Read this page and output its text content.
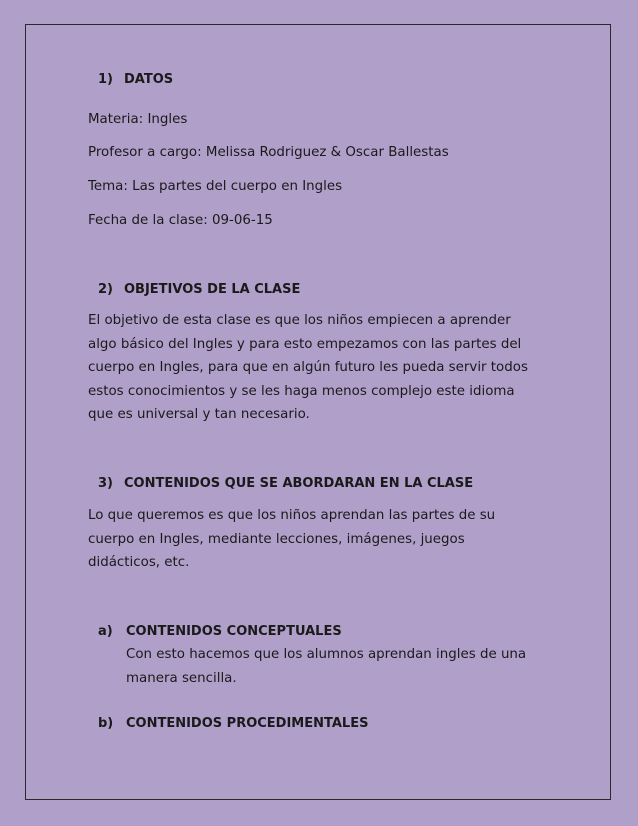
1) DATOS
Materia: Ingles
Profesor a cargo: Melissa Rodriguez & Oscar Ballestas
Tema: Las partes del cuerpo en Ingles
Fecha de la clase: 09-06-15
2) OBJETIVOS DE LA CLASE
El objetivo de esta clase es que los niños empiecen a aprender
algo básico del Ingles y para esto empezamos con las partes del
cuerpo en Ingles, para que en algún futuro les pueda servir todos
estos conocimientos y se les haga menos complejo este idioma
que es universal y tan necesario.
3) CONTENIDOS QUE SE ABORDARAN EN LA CLASE
Lo que queremos es que los niños aprendan las partes de su
cuerpo en Ingles, mediante lecciones, imágenes, juegos
didácticos, etc.
a) CONTENIDOS CONCEPTUALES
Con esto hacemos que los alumnos aprendan ingles de una
manera sencilla.
b) CONTENIDOS PROCEDIMENTALES
